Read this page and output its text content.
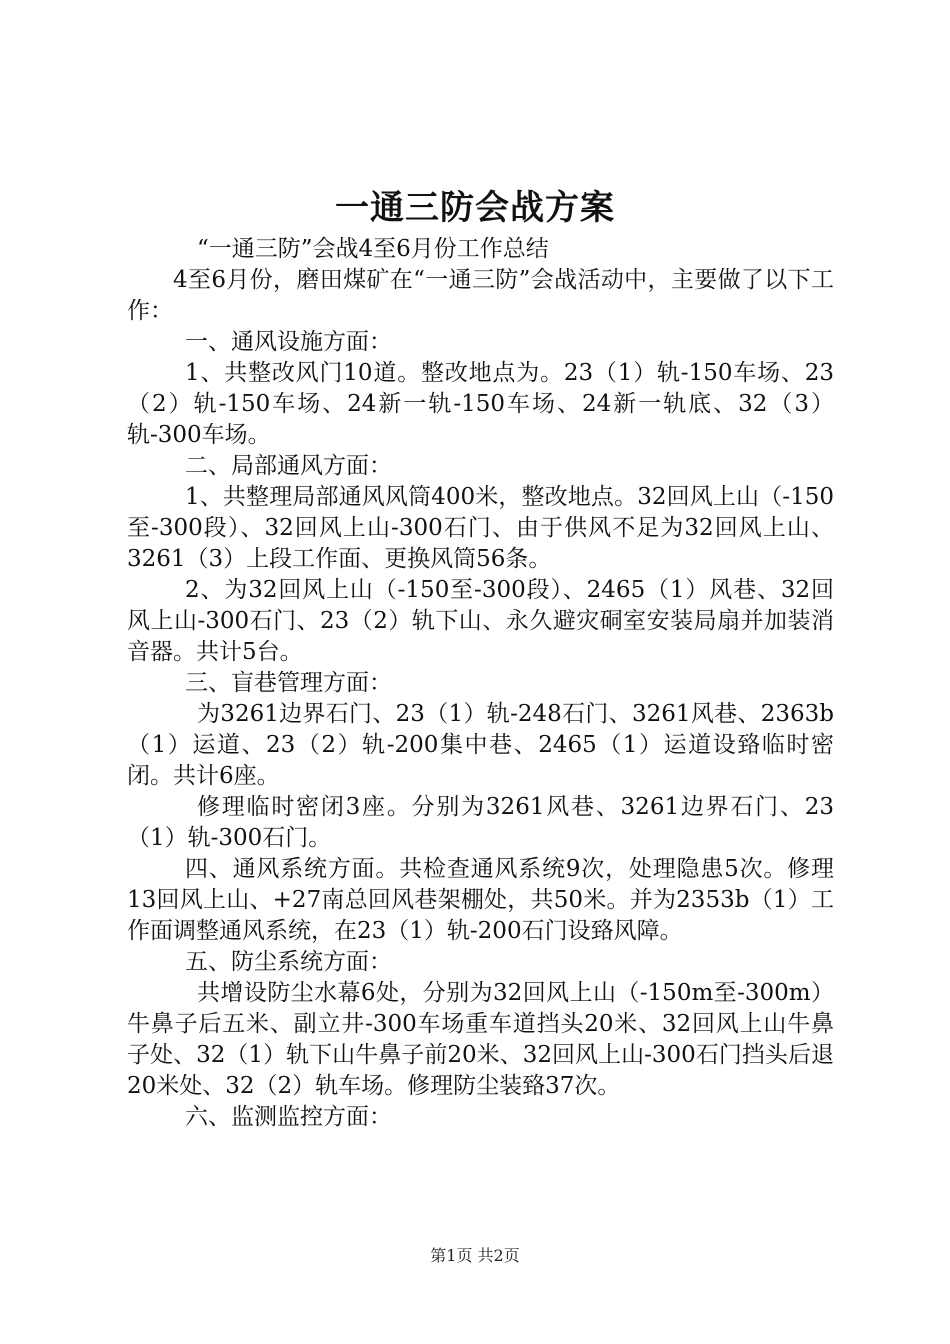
一通三防会战方案

“一通三防”会战4至6月份工作总结

4至6月份，磨田煤矿在“一通三防”会战活动中，主要做了以下工作：

一、通风设施方面：

1、共整改风门10道。整改地点为。23（1）轨-150车场、23（2）轨-150车场、24新一轨-150车场、24新一轨底、32（3）轨-300车场。

二、局部通风方面：

1、共整理局部通风风筒400米，整改地点。32回风上山（-150至-300段）、32回风上山-300石门、由于供风不足为32回风上山、3261（3）上段工作面、更换风筒56条。

2、为32回风上山（-150至-300段）、2465（1）风巷、32回风上山-300石门、23（2）轨下山、永久避灾硐室安装局扇并加装消音器。共计5台。

三、盲巷管理方面：

为3261边界石门、23（1）轨-248石门、3261风巷、2363b（1）运道、23（2）轨-200集中巷、2465（1）运道设臵临时密闭。共计6座。

修理临时密闭3座。分别为3261风巷、3261边界石门、23（1）轨-300石门。

四、通风系统方面。共检查通风系统9次，处理隐患5次。修理13回风上山、+27南总回风巷架棚处，共50米。并为2353b（1）工作面调整通风系统，在23（1）轨-200石门设臵风障。

五、防尘系统方面：

共增设防尘水幕6处，分别为32回风上山（-150m至-300m）牛鼻子后五米、副立井-300车场重车道挡头20米、32回风上山牛鼻子处、32（1）轨下山牛鼻子前20米、32回风上山-300石门挡头后退20米处、32（2）轨车场。修理防尘装臵37次。

六、监测监控方面：

第1页 共2页
